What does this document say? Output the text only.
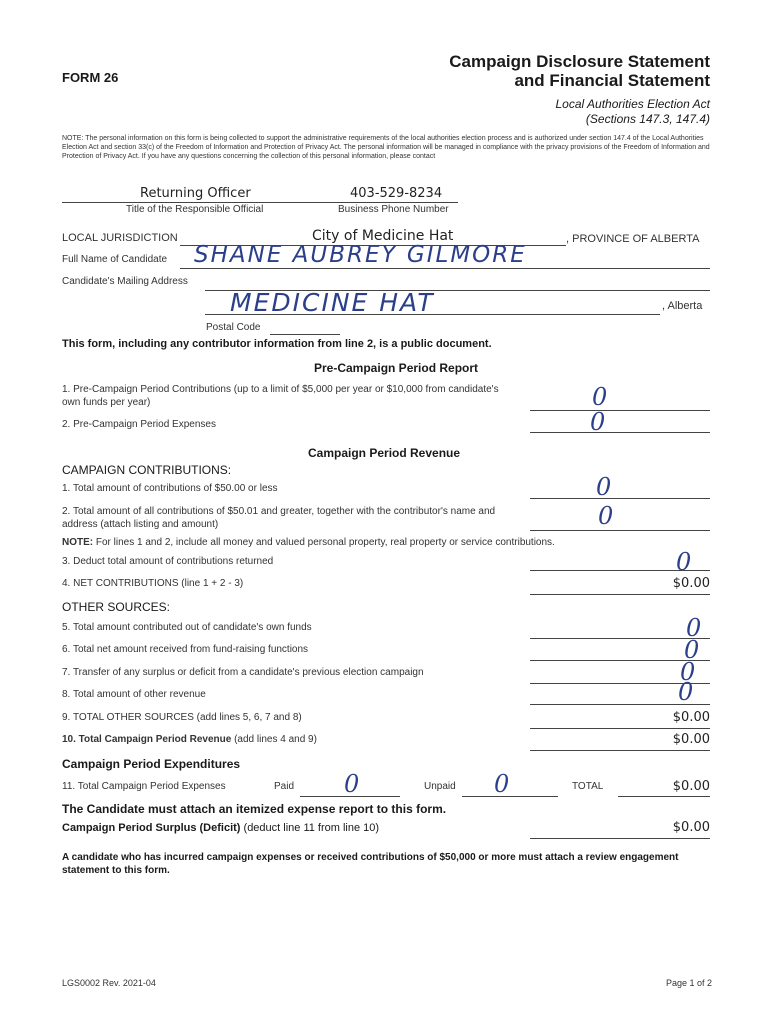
FORM 26
Campaign Disclosure Statement
and Financial Statement
Local Authorities Election Act
(Sections 147.3, 147.4)
NOTE: The personal information on this form is being collected to support the administrative requirements of the local authorities election process and is authorized under section 147.4 of the Local Authorities Election Act and section 33(c) of the Freedom of Information and Protection of Privacy Act. The personal information will be managed in compliance with the privacy provisions of the Freedom of Information and Protection of Privacy Act. If you have any questions concerning the collection of this personal information, please contact
Returning Officer
Title of the Responsible Official
403-529-8234
Business Phone Number
LOCAL JURISDICTION	City of Medicine Hat	, PROVINCE OF ALBERTA
Full Name of Candidate SHANE AUBREY GILMORE
Candidate's Mailing Address
MEDICINE HAT	, Alberta
Postal Code
This form, including any contributor information from line 2, is a public document.
Pre-Campaign Period Report
1. Pre-Campaign Period Contributions (up to a limit of $5,000 per year or $10,000 from candidate's own funds per year)	0
2. Pre-Campaign Period Expenses	0
Campaign Period Revenue
CAMPAIGN CONTRIBUTIONS:
1. Total amount of contributions of $50.00 or less	0
2. Total amount of all contributions of $50.01 and greater, together with the contributor's name and address (attach listing and amount)	0
NOTE: For lines 1 and 2, include all money and valued personal property, real property or service contributions.
3. Deduct total amount of contributions returned	0
4. NET CONTRIBUTIONS (line 1 + 2 - 3)	$0.00
OTHER SOURCES:
5. Total amount contributed out of candidate's own funds	0
6. Total net amount received from fund-raising functions	0
7. Transfer of any surplus or deficit from a candidate's previous election campaign	0
8. Total amount of other revenue	0
9. TOTAL OTHER SOURCES (add lines 5, 6, 7 and 8)	$0.00
10. Total Campaign Period Revenue (add lines 4 and 9)	$0.00
Campaign Period Expenditures
11. Total Campaign Period Expenses	Paid 0	Unpaid 0	TOTAL	$0.00
The Candidate must attach an itemized expense report to this form.
Campaign Period Surplus (Deficit) (deduct line 11 from line 10)	$0.00
A candidate who has incurred campaign expenses or received contributions of $50,000 or more must attach a review engagement statement to this form.
LGS0002 Rev. 2021-04	Page 1 of 2
